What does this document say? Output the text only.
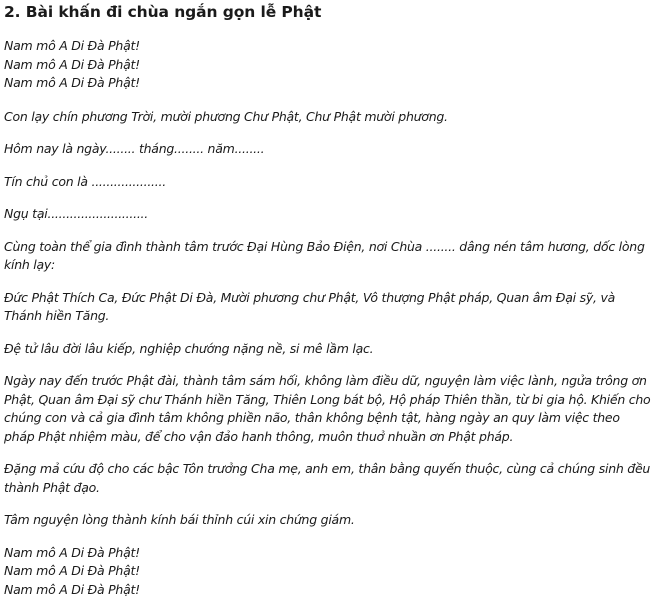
2. Bài khấn đi chùa ngắn gọn lễ Phật

Nam mô A Di Đà Phật!
Nam mô A Di Đà Phật!
Nam mô A Di Đà Phật!

Con lạy chín phương Trời, mười phương Chư Phật, Chư Phật mười phương.

Hôm nay là ngày........ tháng........ năm........

Tín chủ con là ....................

Ngụ tại...........................

Cùng toàn thể gia đình thành tâm trước Đại Hùng Bảo Điện, nơi Chùa ........ dâng nén tâm hương, dốc lòng
kính lạy:

Đức Phật Thích Ca, Đức Phật Di Đà, Mười phương chư Phật, Vô thượng Phật pháp, Quan âm Đại sỹ, và
Thánh hiền Tăng.

Đệ tử lâu đời lâu kiếp, nghiệp chướng nặng nề, si mê lầm lạc.

Ngày nay đến trước Phật đài, thành tâm sám hối, không làm điều dữ, nguyện làm việc lành, ngửa trông ơn
Phật, Quan âm Đại sỹ chư Thánh hiền Tăng, Thiên Long bát bộ, Hộ pháp Thiên thần, từ bi gia hộ. Khiến cho
chúng con và cả gia đình tâm không phiền não, thân không bệnh tật, hàng ngày an quy làm việc theo
pháp Phật nhiệm màu, để cho vận đảo hanh thông, muôn thuở nhuần ơn Phật pháp.

Đặng mả cứu độ cho các bậc Tôn trưởng Cha mẹ, anh em, thân bằng quyến thuộc, cùng cả chúng sinh đều
thành Phật đạo.

Tâm nguyện lòng thành kính bái thỉnh cúi xin chứng giám.

Nam mô A Di Đà Phật!
Nam mô A Di Đà Phật!
Nam mô A Di Đà Phật!
